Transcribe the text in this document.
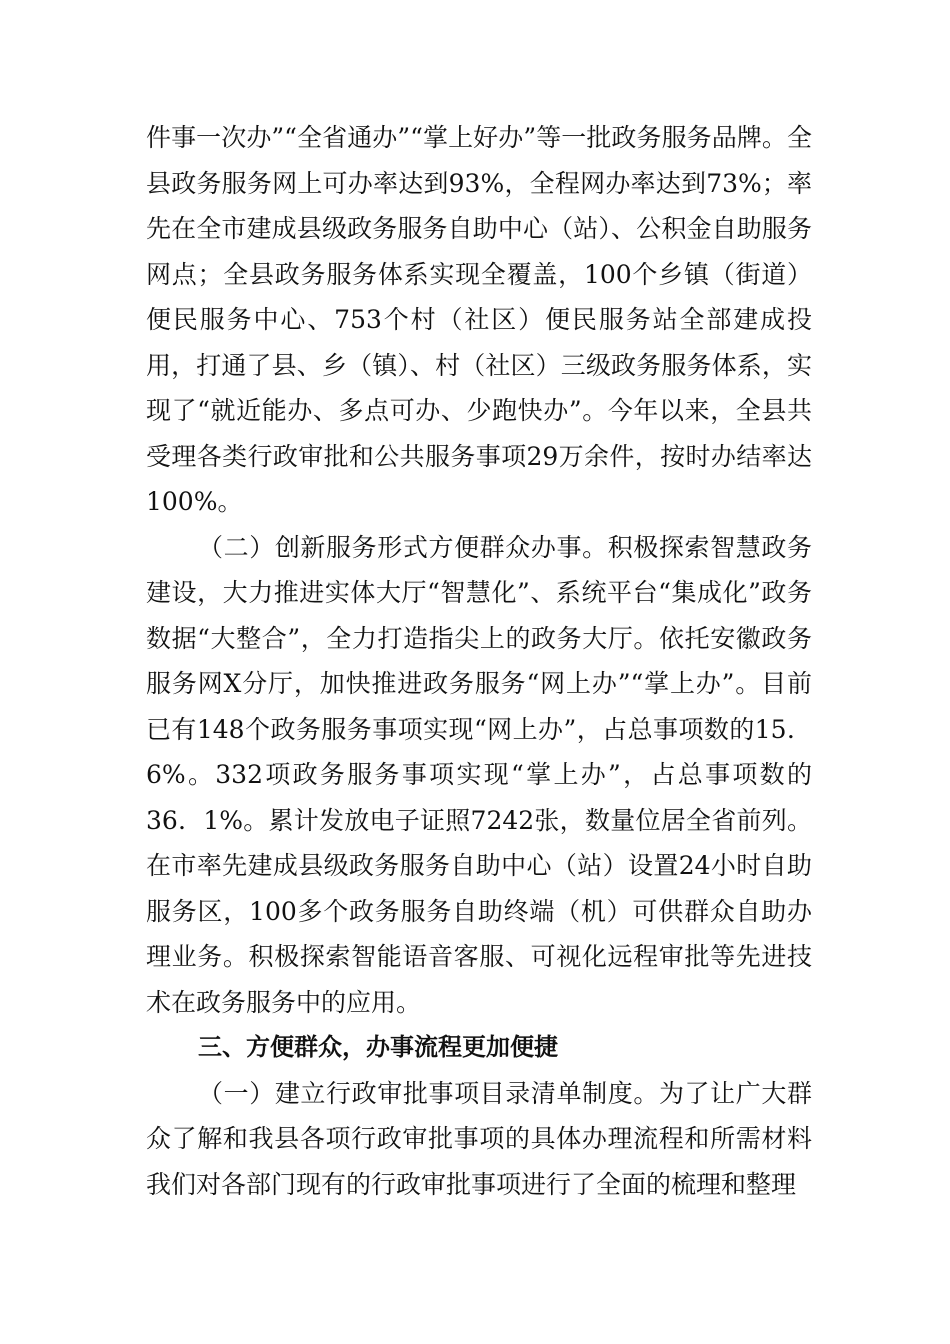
件事一次办”“全省通办”“掌上好办”等一批政务服务品牌。全县政务服务网上可办率达到93%，全程网办率达到73%；率先在全市建成县级政务服务自助中心（站）、公积金自助服务网点；全县政务服务体系实现全覆盖，100个乡镇（街道）便民服务中心、753个村（社区）便民服务站全部建成投用，打通了县、乡（镇）、村（社区）三级政务服务体系，实现了“就近能办、多点可办、少跑快办”。今年以来，全县共受理各类行政审批和公共服务事项29万余件，按时办结率达100%。

（二）创新服务形式方便群众办事。积极探索智慧政务建设，大力推进实体大厅“智慧化”、系统平台“集成化”政务数据“大整合”，全力打造指尖上的政务大厅。依托安徽政务服务网X分厅，加快推进政务服务“网上办”“掌上办”。目前已有148个政务服务事项实现“网上办”，占总事项数的15．6%。332项政务服务事项实现“掌上办”，占总事项数的36．1%。累计发放电子证照7242张，数量位居全省前列。在市率先建成县级政务服务自助中心（站）设置24小时自助服务区，100多个政务服务自助终端（机）可供群众自助办理业务。积极探索智能语音客服、可视化远程审批等先进技术在政务服务中的应用。

三、方便群众，办事流程更加便捷

（一）建立行政审批事项目录清单制度。为了让广大群众了解和我县各项行政审批事项的具体办理流程和所需材料我们对各部门现有的行政审批事项进行了全面的梳理和整理
